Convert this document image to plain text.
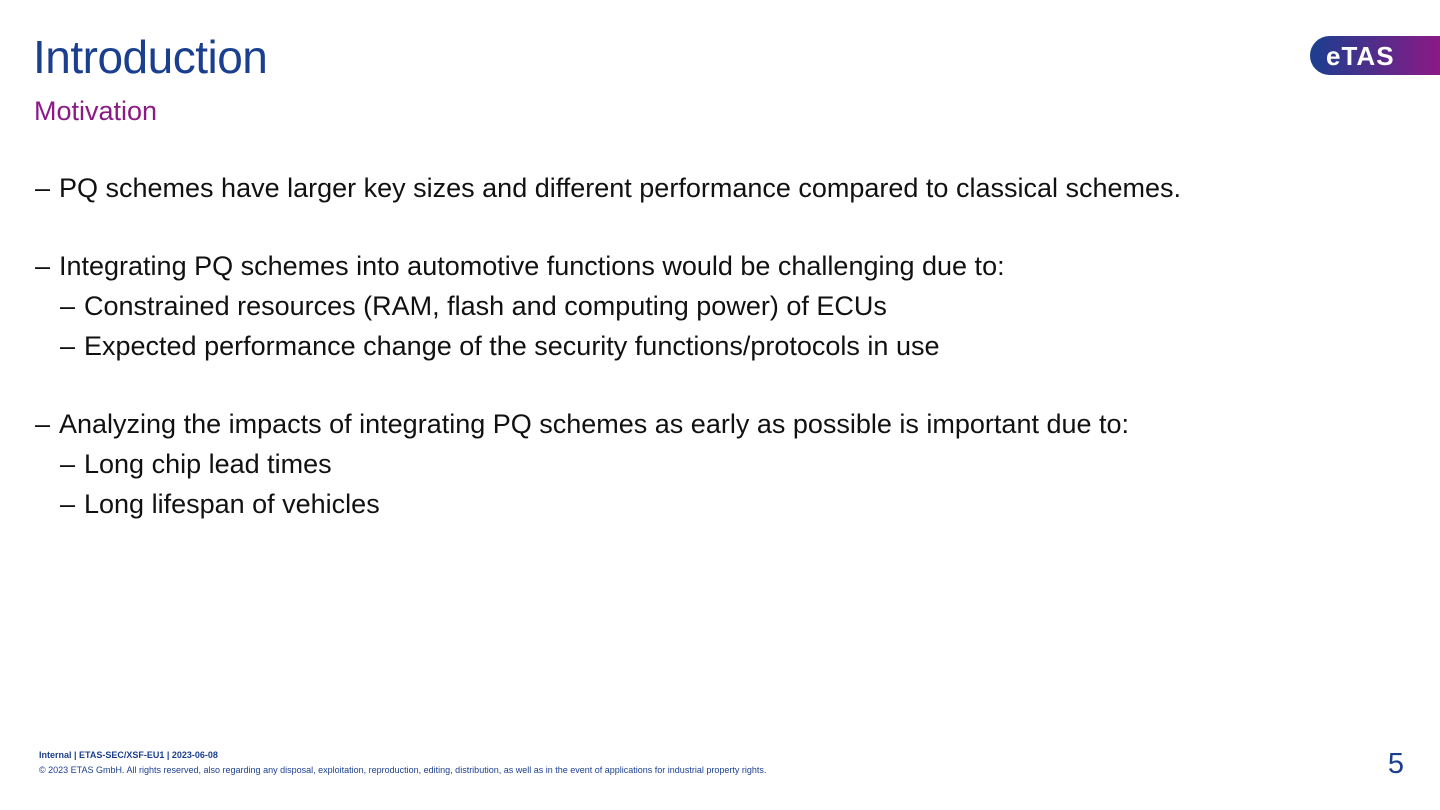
Introduction
Motivation
eTAS
– PQ schemes have larger key sizes and different performance compared to classical schemes.
– Integrating PQ schemes into automotive functions would be challenging due to:
– Constrained resources (RAM, flash and computing power) of ECUs
– Expected performance change of the security functions/protocols in use
– Analyzing the impacts of integrating PQ schemes as early as possible is important due to:
– Long chip lead times
– Long lifespan of vehicles
Internal | ETAS-SEC/XSF-EU1 | 2023-06-08
© 2023 ETAS GmbH. All rights reserved, also regarding any disposal, exploitation, reproduction, editing, distribution, as well as in the event of applications for industrial property rights.	5
